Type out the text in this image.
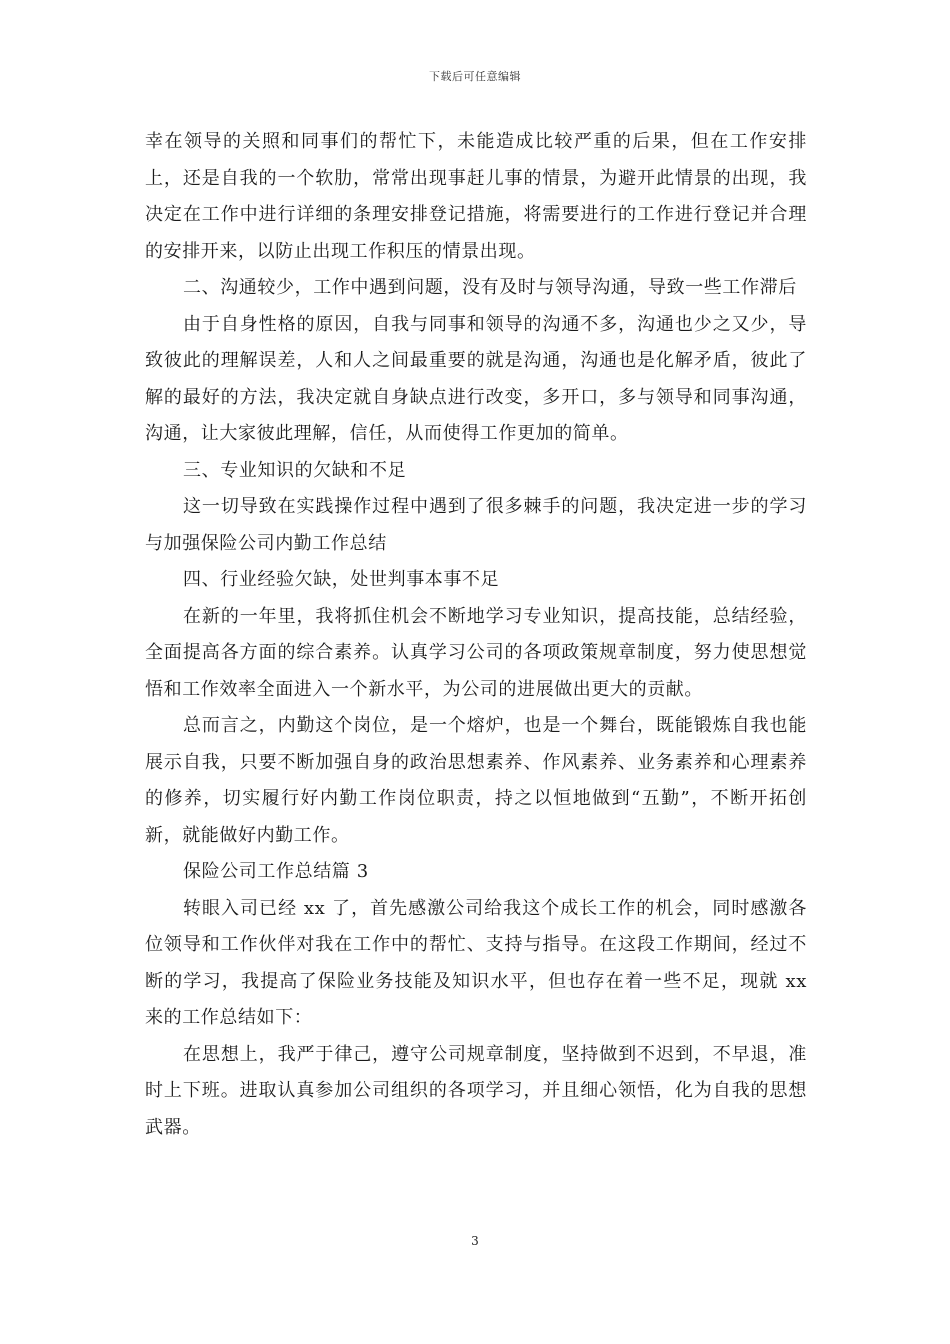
下载后可任意编辑

幸在领导的关照和同事们的帮忙下，未能造成比较严重的后果，但在工作安排上，还是自我的一个软肋，常常出现事赶儿事的情景，为避开此情景的出现，我决定在工作中进行详细的条理安排登记措施，将需要进行的工作进行登记并合理的安排开来，以防止出现工作积压的情景出现。

二、沟通较少，工作中遇到问题，没有及时与领导沟通，导致一些工作滞后

由于自身性格的原因，自我与同事和领导的沟通不多，沟通也少之又少，导致彼此的理解误差，人和人之间最重要的就是沟通，沟通也是化解矛盾，彼此了解的最好的方法，我决定就自身缺点进行改变，多开口，多与领导和同事沟通，沟通，让大家彼此理解，信任，从而使得工作更加的简单。

三、专业知识的欠缺和不足

这一切导致在实践操作过程中遇到了很多棘手的问题，我决定进一步的学习与加强保险公司内勤工作总结

四、行业经验欠缺，处世判事本事不足

在新的一年里，我将抓住机会不断地学习专业知识，提高技能，总结经验，全面提高各方面的综合素养。认真学习公司的各项政策规章制度，努力使思想觉悟和工作效率全面进入一个新水平，为公司的进展做出更大的贡献。

总而言之，内勤这个岗位，是一个熔炉，也是一个舞台，既能锻炼自我也能展示自我，只要不断加强自身的政治思想素养、作风素养、业务素养和心理素养的修养，切实履行好内勤工作岗位职责，持之以恒地做到“五勤”，不断开拓创新，就能做好内勤工作。

保险公司工作总结篇 3

转眼入司已经 xx 了，首先感激公司给我这个成长工作的机会，同时感激各位领导和工作伙伴对我在工作中的帮忙、支持与指导。在这段工作期间，经过不断的学习，我提高了保险业务技能及知识水平，但也存在着一些不足，现就 xx 来的工作总结如下：

在思想上，我严于律己，遵守公司规章制度，坚持做到不迟到，不早退，准时上下班。进取认真参加公司组织的各项学习，并且细心领悟，化为自我的思想武器。

3
